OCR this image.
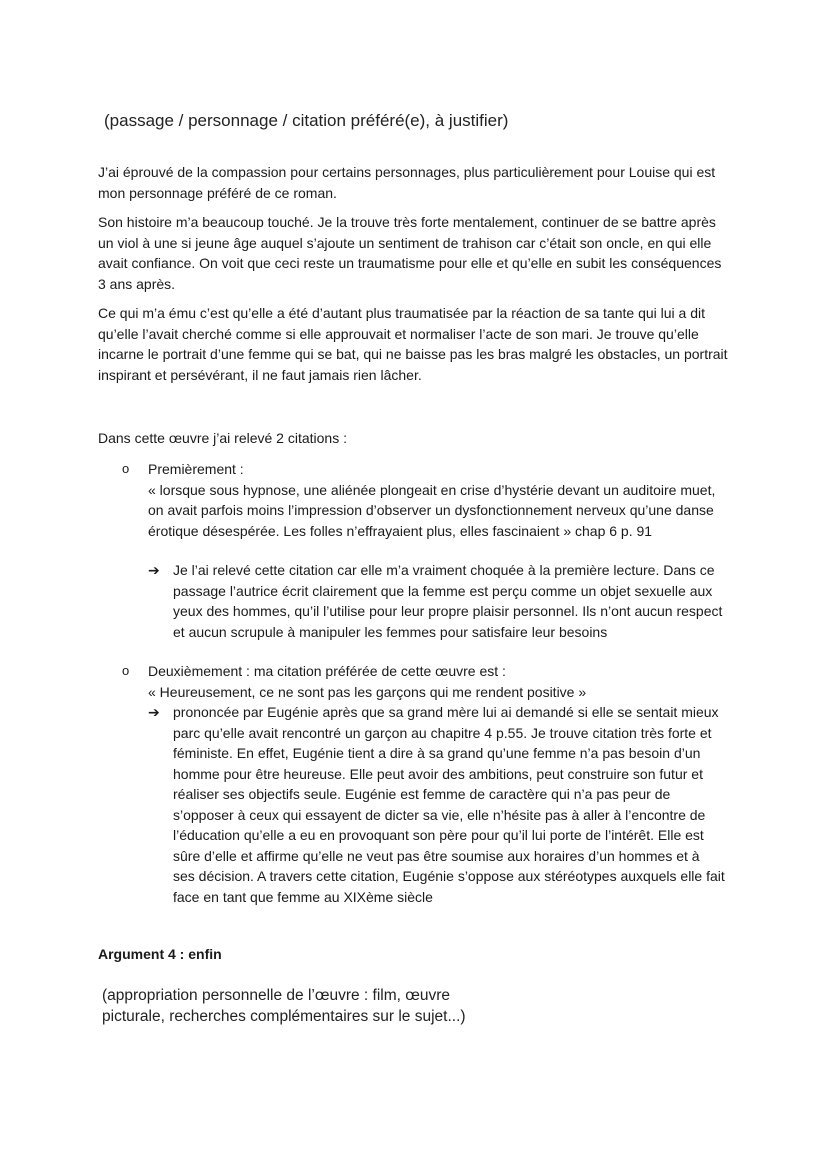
(passage / personnage / citation préféré(e), à justifier)
J’ai éprouvé de la compassion pour certains personnages, plus particulièrement pour Louise qui est
mon personnage préféré de ce roman.
Son histoire m’a beaucoup touché. Je la trouve très forte mentalement, continuer de se battre après
un viol à une si jeune âge auquel s’ajoute un sentiment de trahison car c’était son oncle, en qui elle
avait confiance. On voit que ceci reste un traumatisme pour elle et qu’elle en subit les conséquences
3 ans après.
Ce qui m’a ému c’est qu’elle a été d’autant plus traumatisée par la réaction de sa tante qui lui a dit
qu’elle l’avait cherché comme si elle approuvait et normaliser l’acte de son mari. Je trouve qu’elle
incarne le portrait d’une femme qui se bat, qui ne baisse pas les bras malgré les obstacles, un portrait
inspirant et persévérant, il ne faut jamais rien lâcher.
Dans cette œuvre j’ai relevé 2 citations :
o Premièrement :
« lorsque sous hypnose, une aliénée plongeait en crise d’hystérie devant un auditoire muet,
on avait parfois moins l’impression d’observer un dysfonctionnement nerveux qu’une danse
érotique désespérée. Les folles n’effrayaient plus, elles fascinaient » chap 6 p. 91
➔ Je l’ai relevé cette citation car elle m’a vraiment choquée à la première lecture. Dans ce
passage l’autrice écrit clairement que la femme est perçu comme un objet sexuelle aux
yeux des hommes, qu’il l’utilise pour leur propre plaisir personnel. Ils n’ont aucun respect
et aucun scrupule à manipuler les femmes pour satisfaire leur besoins
o Deuxièmement : ma citation préférée de cette œuvre est :
« Heureusement, ce ne sont pas les garçons qui me rendent positive »
➔ prononcée par Eugénie après que sa grand mère lui ai demandé si elle se sentait mieux
parc qu’elle avait rencontré un garçon au chapitre 4 p.55. Je trouve citation très forte et
féministe. En effet, Eugénie tient a dire à sa grand qu’une femme n’a pas besoin d’un
homme pour être heureuse. Elle peut avoir des ambitions, peut construire son futur et
réaliser ses objectifs seule. Eugénie est femme de caractère qui n’a pas peur de
s’opposer à ceux qui essayent de dicter sa vie, elle n’hésite pas à aller à l’encontre de
l’éducation qu’elle a eu en provoquant son père pour qu’il lui porte de l’intérêt. Elle est
sûre d’elle et affirme qu’elle ne veut pas être soumise aux horaires d’un hommes et à
ses décision. A travers cette citation, Eugénie s’oppose aux stéréotypes auxquels elle fait
face en tant que femme au XIXème siècle
Argument 4 : enfin
(appropriation personnelle de l’œuvre : film, œuvre
picturale, recherches complémentaires sur le sujet...)
